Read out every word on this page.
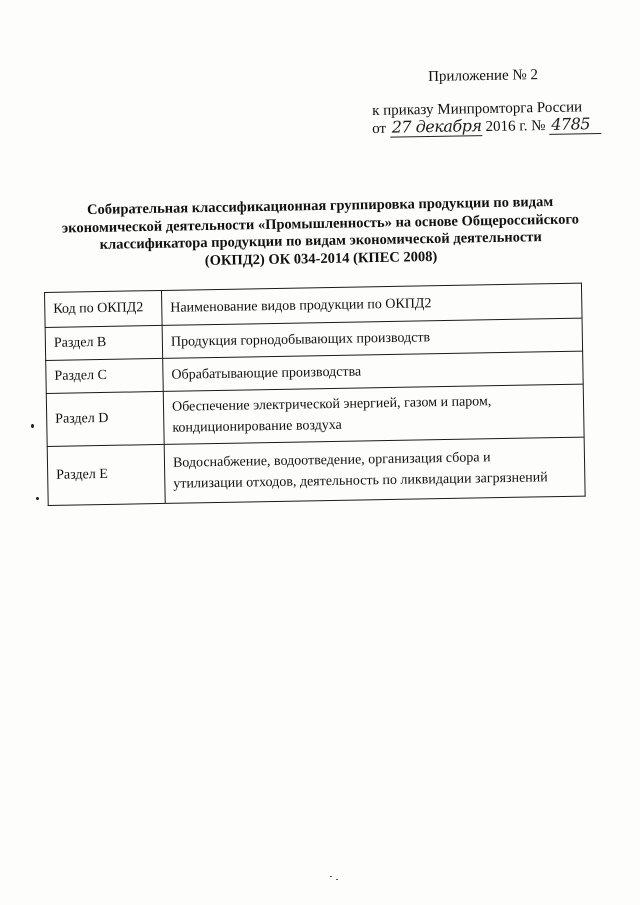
Приложение № 2
к приказу Минпромторга России
от 27 декабря 2016 г. № 4785
Собирательная классификационная группировка продукции по видам
экономической деятельности «Промышленность» на основе Общероссийского
классификатора продукции по видам экономической деятельности
(ОКПД2) ОК 034-2014 (КПЕС 2008)
Код по ОКПД2	Наименование видов продукции по ОКПД2
Раздел B	Продукция горнодобывающих производств
Раздел C	Обрабатывающие производства
Раздел D	Обеспечение электрической энергией, газом и паром,
кондиционирование воздуха
Раздел E	Водоснабжение, водоотведение, организация сбора и
утилизации отходов, деятельность по ликвидации загрязнений
